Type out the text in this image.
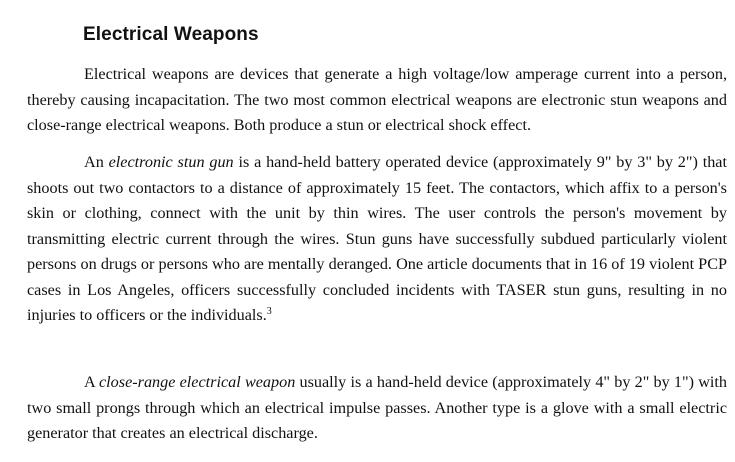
Electrical Weapons

Electrical weapons are devices that generate a high voltage/low amperage current into a person, thereby causing incapacitation. The two most common electrical weapons are electronic stun weapons and close-range electrical weapons. Both produce a stun or electrical shock effect.

An electronic stun gun is a hand-held battery operated device (approximately 9" by 3" by 2") that shoots out two contactors to a distance of approximately 15 feet. The contactors, which affix to a person's skin or clothing, connect with the unit by thin wires. The user controls the person's movement by transmitting electric current through the wires. Stun guns have successfully subdued particularly violent persons on drugs or persons who are mentally deranged. One article documents that in 16 of 19 violent PCP cases in Los Angeles, officers successfully concluded incidents with TASER stun guns, resulting in no injuries to officers or the individuals.$^3$

A close-range electrical weapon usually is a hand-held device (approximately 4" by 2" by 1") with two small prongs through which an electrical impulse passes. Another type is a glove with a small electric generator that creates an electrical discharge.
